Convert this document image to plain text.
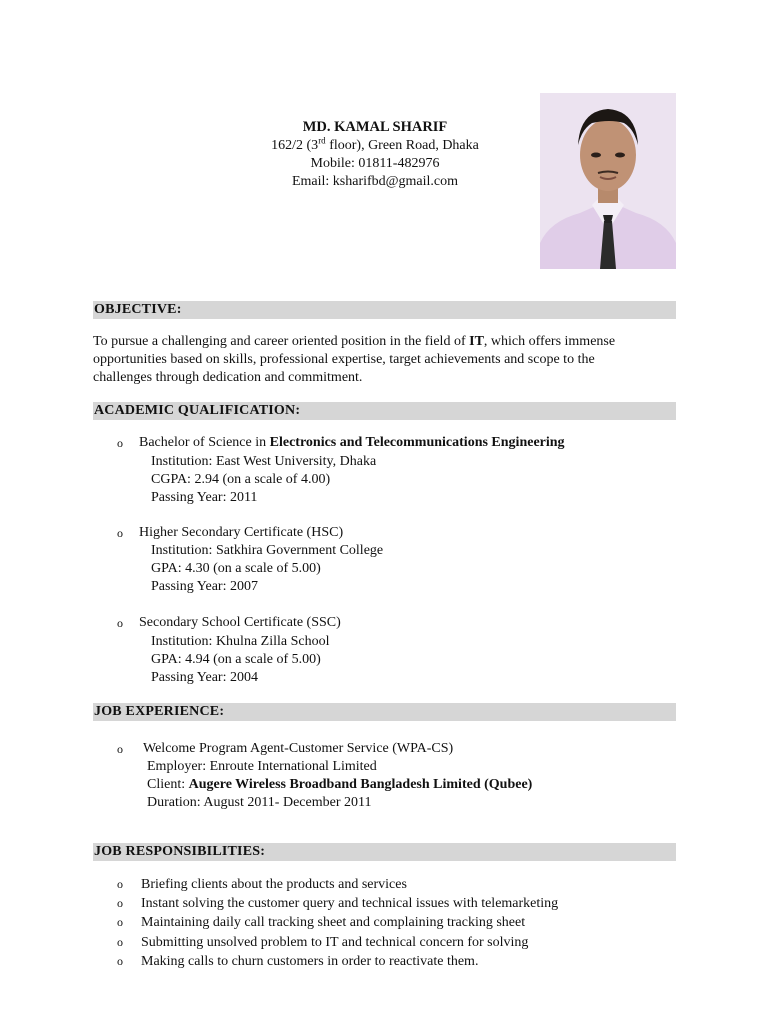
MD. KAMAL SHARIF
162/2 (3rd floor), Green Road, Dhaka
Mobile: 01811-482976
Email: ksharifbd@gmail.com
OBJECTIVE:
To pursue a challenging and career oriented position in the field of IT, which offers immense
opportunities based on skills, professional expertise, target achievements and scope to the
challenges through dedication and commitment.
ACADEMIC QUALIFICATION:
o	Bachelor of Science in Electronics and Telecommunications Engineering
Institution: East West University, Dhaka
CGPA: 2.94 (on a scale of 4.00)
Passing Year: 2011
o	Higher Secondary Certificate (HSC)
Institution: Satkhira Government College
GPA: 4.30 (on a scale of 5.00)
Passing Year: 2007
o	Secondary School Certificate (SSC)
Institution: Khulna Zilla School
GPA: 4.94 (on a scale of 5.00)
Passing Year: 2004
JOB EXPERIENCE:
o	Welcome Program Agent-Customer Service (WPA-CS)
Employer: Enroute International Limited
Client: Augere Wireless Broadband Bangladesh Limited (Qubee)
Duration: August 2011- December 2011
JOB RESPONSIBILITIES:
o Briefing clients about the products and services
o Instant solving the customer query and technical issues with telemarketing
o Maintaining daily call tracking sheet and complaining tracking sheet
o Submitting unsolved problem to IT and technical concern for solving
o Making calls to churn customers in order to reactivate them.
